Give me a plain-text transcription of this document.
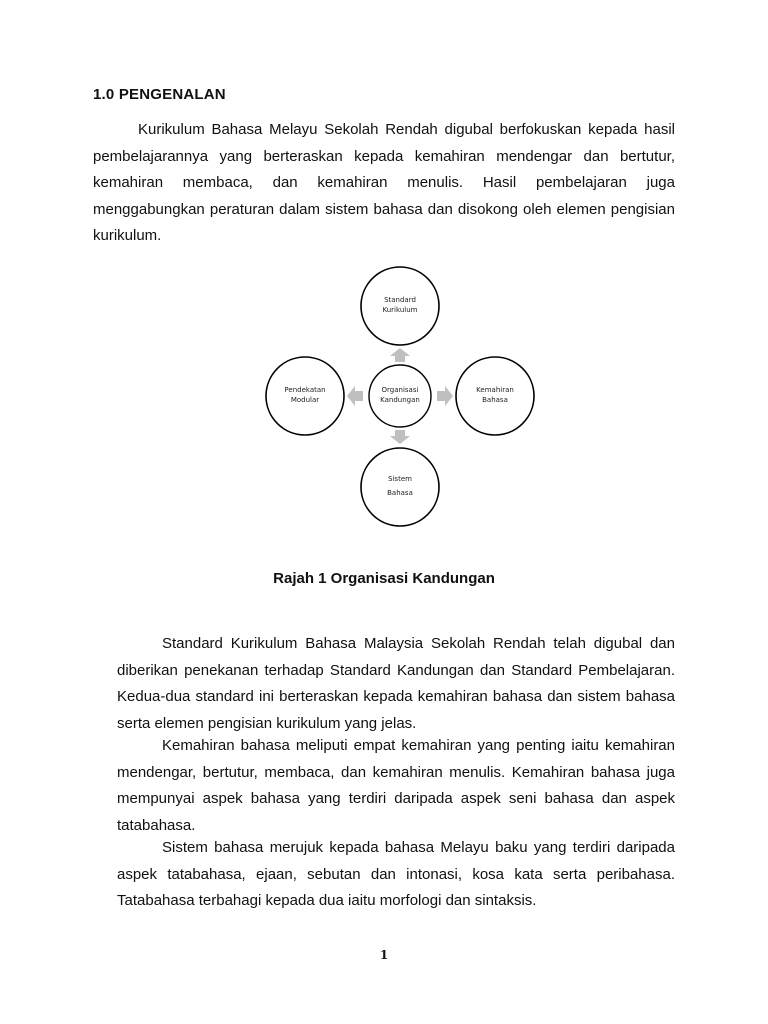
1.0 PENGENALAN

Kurikulum Bahasa Melayu Sekolah Rendah digubal berfokuskan kepada hasil pembelajarannya yang berteraskan kepada kemahiran mendengar dan bertutur, kemahiran membaca, dan kemahiran menulis. Hasil pembelajaran juga menggabungkan peraturan dalam sistem bahasa dan disokong oleh elemen pengisian kurikulum.

Standard
Kurikulum
Pendekatan
Modular
Organisasi
Kandungan
Kemahiran
Bahasa
Sistem
Bahasa
Rajah 1 Organisasi Kandungan

Standard Kurikulum Bahasa Malaysia Sekolah Rendah telah digubal dan diberikan penekanan terhadap Standard Kandungan dan Standard Pembelajaran. Kedua-dua standard ini berteraskan kepada kemahiran bahasa dan sistem bahasa serta elemen pengisian kurikulum yang jelas.

Kemahiran bahasa meliputi empat kemahiran yang penting iaitu kemahiran mendengar, bertutur, membaca, dan kemahiran menulis. Kemahiran bahasa juga mempunyai aspek bahasa yang terdiri daripada aspek seni bahasa dan aspek tatabahasa.

Sistem bahasa merujuk kepada bahasa Melayu baku yang terdiri daripada aspek tatabahasa, ejaan, sebutan dan intonasi, kosa kata serta peribahasa. Tatabahasa terbahagi kepada dua iaitu morfologi dan sintaksis.

1
